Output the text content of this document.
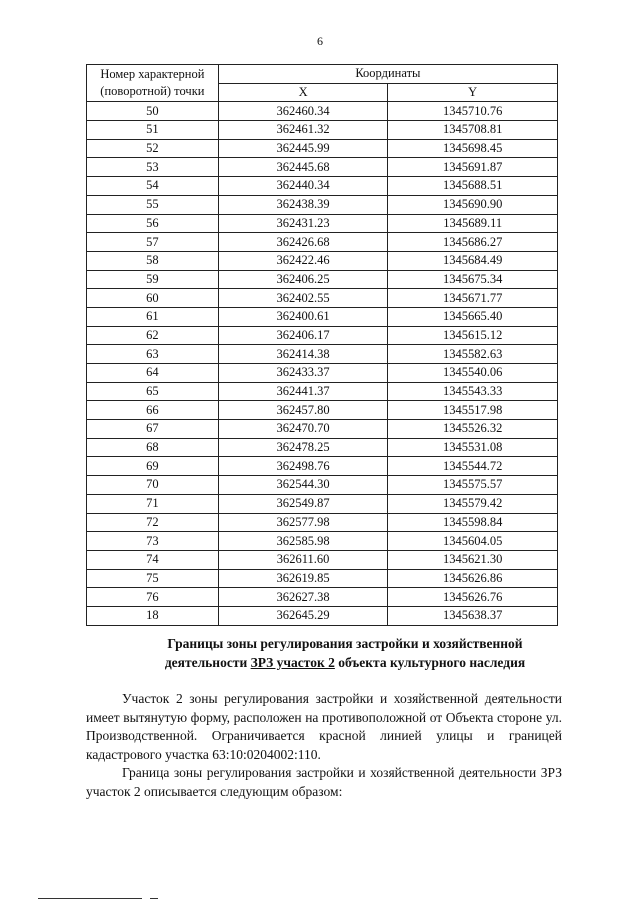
6
Номер характерной (поворотной) точки	Координаты	
	X	Y
50	362460.34	1345710.76
51	362461.32	1345708.81
52	362445.99	1345698.45
53	362445.68	1345691.87
54	362440.34	1345688.51
55	362438.39	1345690.90
56	362431.23	1345689.11
57	362426.68	1345686.27
58	362422.46	1345684.49
59	362406.25	1345675.34
60	362402.55	1345671.77
61	362400.61	1345665.40
62	362406.17	1345615.12
63	362414.38	1345582.63
64	362433.37	1345540.06
65	362441.37	1345543.33
66	362457.80	1345517.98
67	362470.70	1345526.32
68	362478.25	1345531.08
69	362498.76	1345544.72
70	362544.30	1345575.57
71	362549.87	1345579.42
72	362577.98	1345598.84
73	362585.98	1345604.05
74	362611.60	1345621.30
75	362619.85	1345626.86
76	362627.38	1345626.76
18	362645.29	1345638.37
Границы зоны регулирования застройки и хозяйственной
деятельности ЗРЗ участок 2 объекта культурного наследия

Участок 2 зоны регулирования застройки и хозяйственной деятельности имеет вытянутую форму, расположен на противоположной от Объекта стороне ул. Производственной. Ограничивается красной линией улицы и границей кадастрового участка 63:10:0204002:110.

Граница зоны регулирования застройки и хозяйственной деятельности ЗРЗ участок 2 описывается следующим образом:
